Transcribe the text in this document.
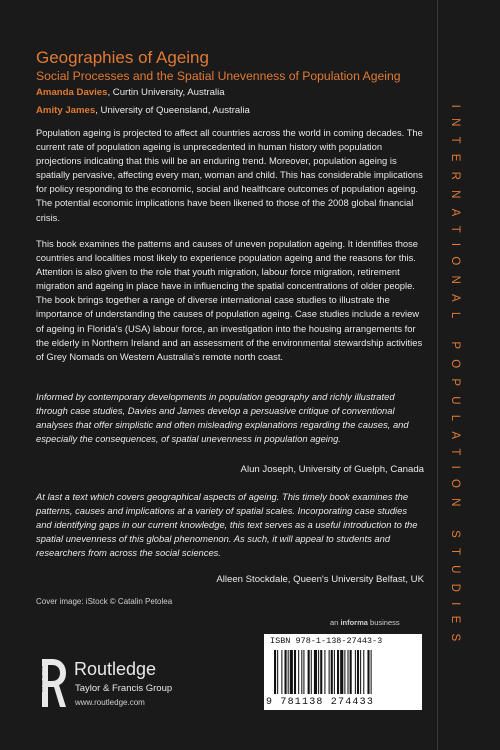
Geographies of Ageing
Social Processes and the Spatial Unevenness of Population Ageing
Amanda Davies, Curtin University, Australia
Amity James, University of Queensland, Australia

Population ageing is projected to affect all countries across the world in coming decades. The current rate of population ageing is unprecedented in human history with population projections indicating that this will be an enduring trend. Moreover, population ageing is spatially pervasive, affecting every man, woman and child. This has considerable implications for policy responding to the economic, social and healthcare outcomes of population ageing. The potential economic implications have been likened to those of the 2008 global financial crisis.

This book examines the patterns and causes of uneven population ageing. It identifies those countries and localities most likely to experience population ageing and the reasons for this. Attention is also given to the role that youth migration, labour force migration, retirement migration and ageing in place have in influencing the spatial concentrations of older people. The book brings together a range of diverse international case studies to illustrate the importance of understanding the causes of population ageing. Case studies include a review of ageing in Florida's (USA) labour force, an investigation into the housing arrangements for the elderly in Northern Ireland and an assessment of the environmental stewardship activities of Grey Nomads on Western Australia's remote north coast.

Informed by contemporary developments in population geography and richly illustrated through case studies, Davies and James develop a persuasive critique of conventional analyses that offer simplistic and often misleading explanations regarding the causes, and especially the consequences, of spatial unevenness in population ageing.

Alun Joseph, University of Guelph, Canada

At last a text which covers geographical aspects of ageing. This timely book examines the patterns, causes and implications at a variety of spatial scales. Incorporating case studies and identifying gaps in our current knowledge, this text serves as a useful introduction to the spatial unevenness of this global phenomenon. As such, it will appeal to students and researchers from across the social sciences.

Alleen Stockdale, Queen's University Belfast, UK
Cover image: iStock © Catalin Petolea
an informa business
ROUTLEDGE Routledge
Taylor & Francis Group
www.routledge.com
ISBN 978-1-138-27443-3
9 781138 274433
INTERNATIONAL POPULATION STUDIES
